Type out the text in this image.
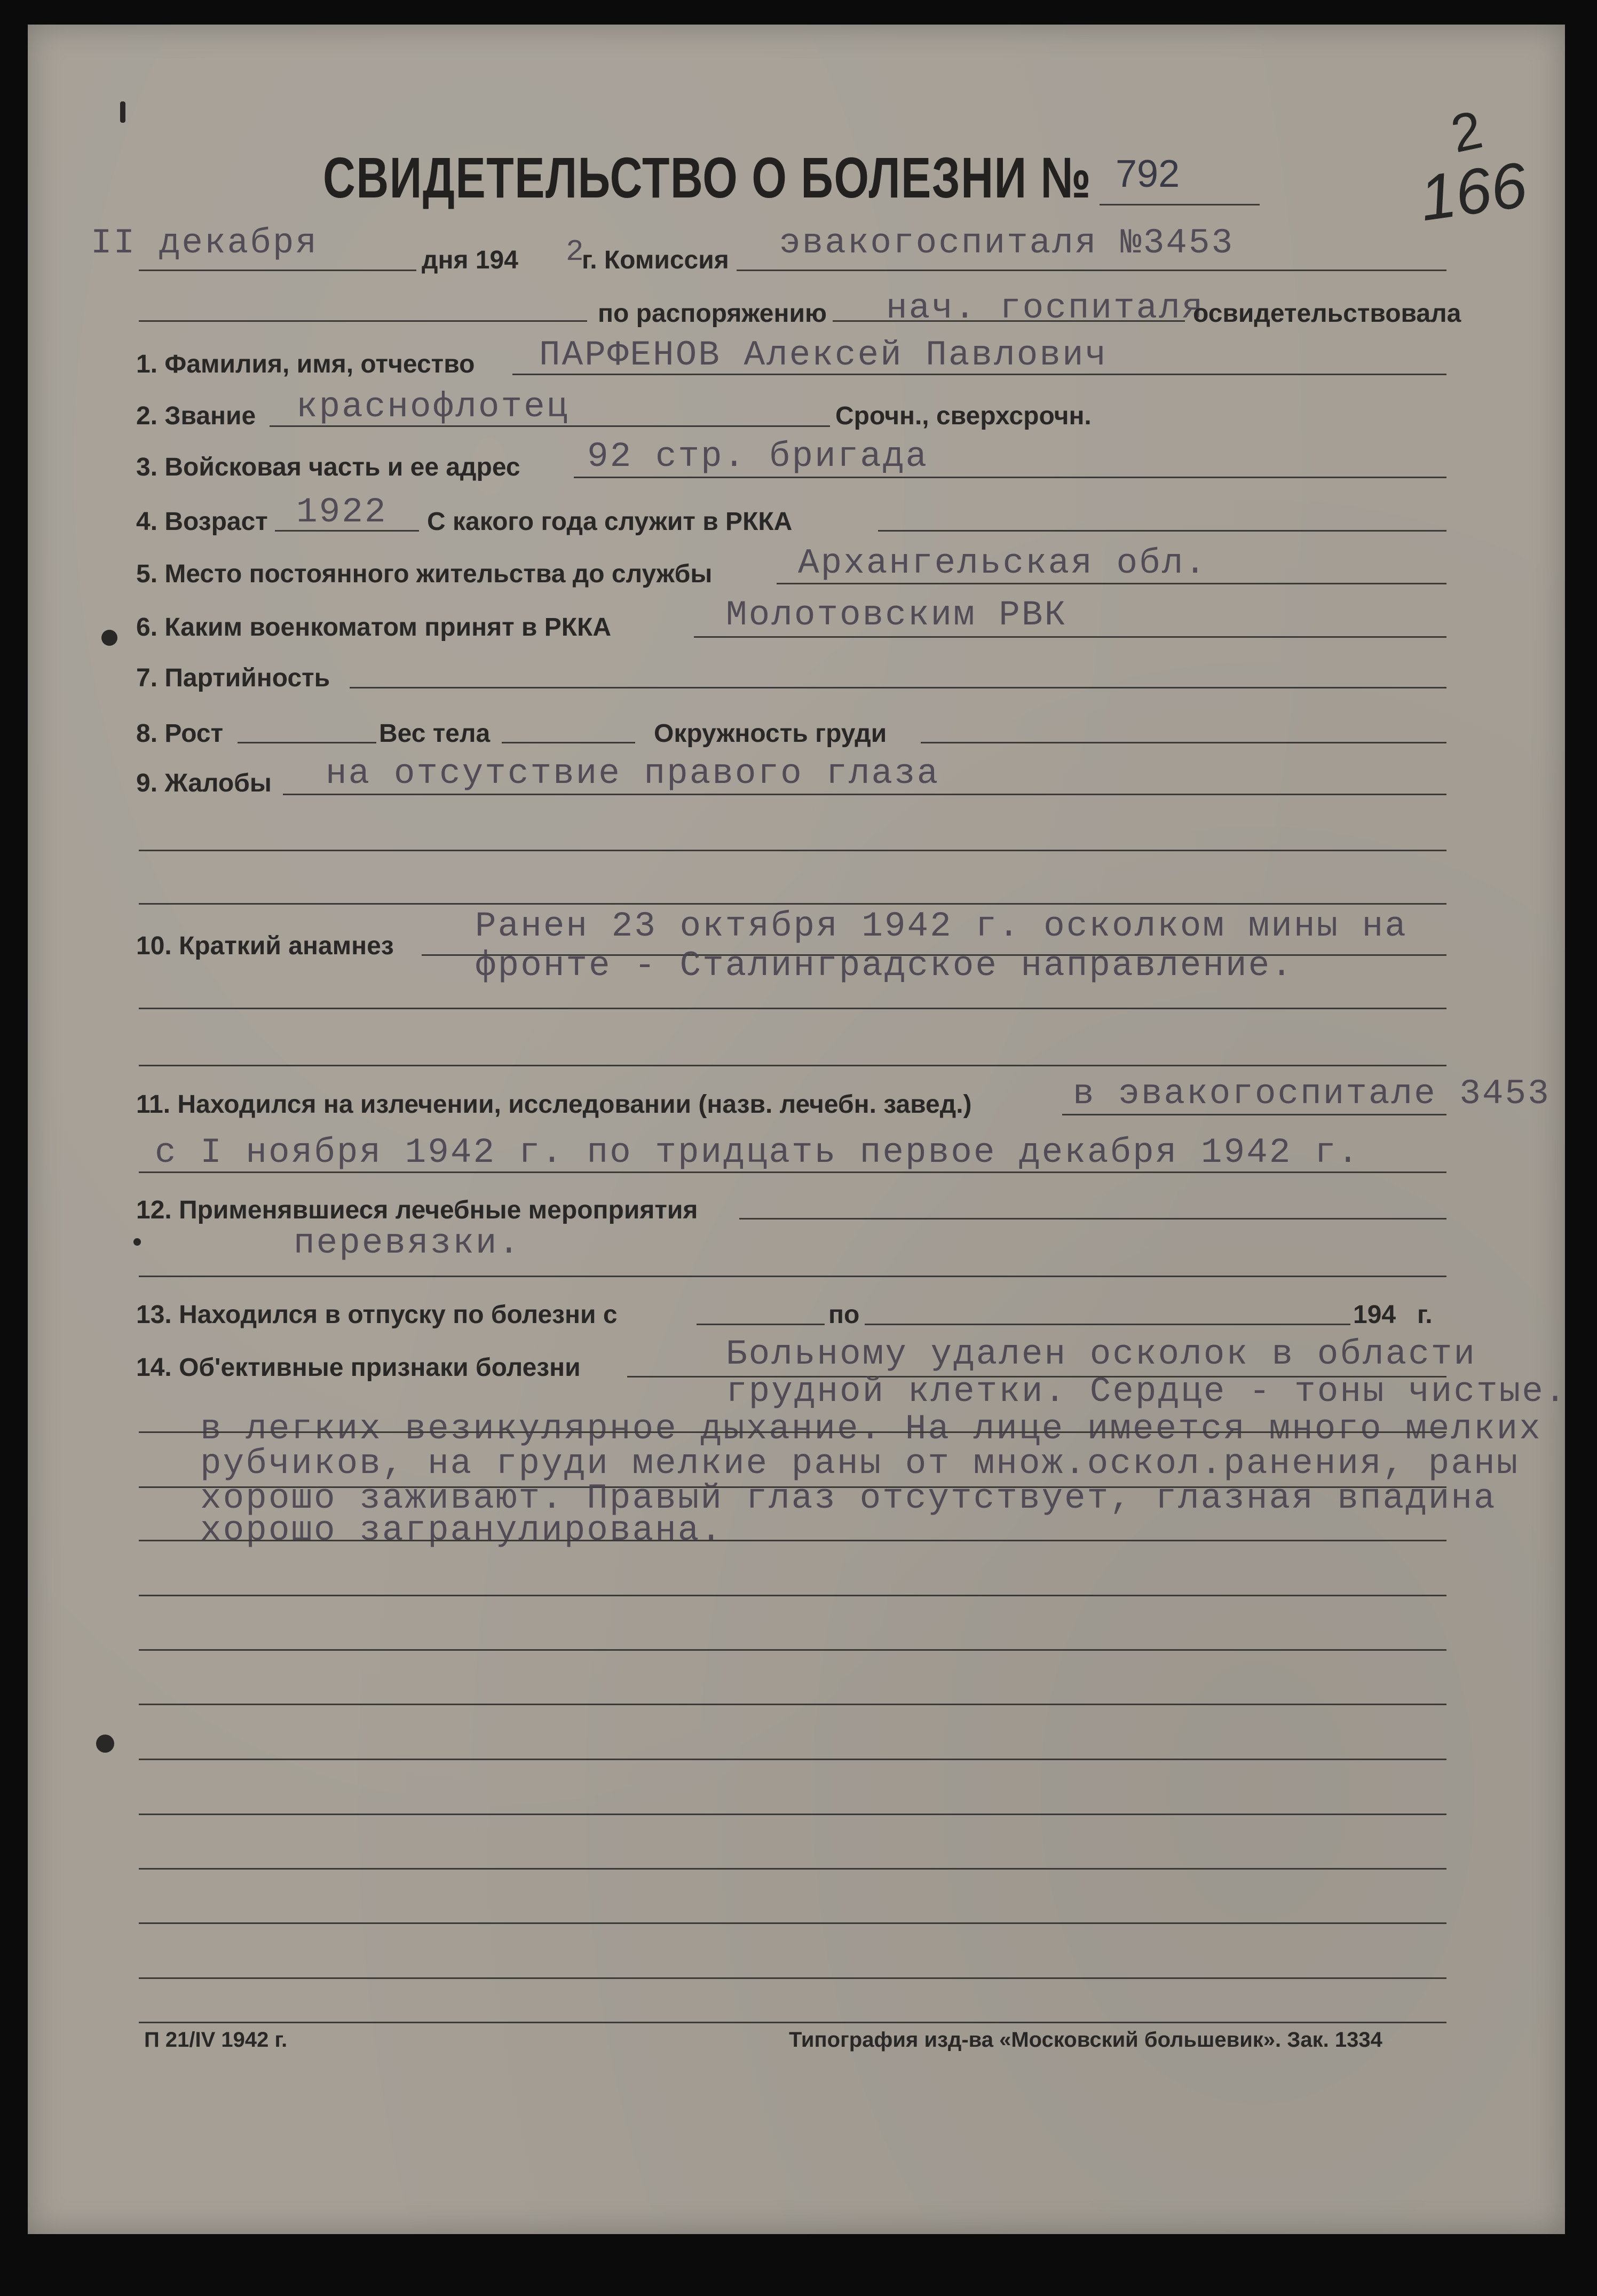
СВИДЕТЕЛЬСТВО О БОЛЕЗНИ № 792	166
2
II декабря	дня 194 2
г. Комиссия эвакогоспиталя №3453
по распоряжению нач. госпиталя
освидетельствовала
1. Фамилия, имя, отчество ПАРФЕНОВ Алексей Павлович
2. Звание краснофлотец	Срочн., сверхсрочн.
3. Войсковая часть и ее адрес 92 стр. бригада
4. Возраст 1922 С какого года служит в РККА
5. Место постоянного жительства до службы Архангельская обл.
6. Каким военкоматом принят в РККА	Молотовским РВК
7. Партийность
8. Рост	Вес тела	Окружность груди
9. Жалобы на отсутствие правого глаза
10. Краткий анамнез Ранен 23 октября 1942 г. осколком мины на
фронте - Сталинградское направление.
11. Находился на излечении, исследовании (назв. лечебн. завед.)	в эвакогоспитале 3453
с I ноября 1942 г. по тридцать первое декабря 1942 г.
12. Применявшиеся лечебные мероприятия
перевязки.
13. Находился в отпуску по болезни с	по	194 г.
14. Об'ективные признаки болезни	Больному удален осколок в области
грудной клетки. Сердце - тоны чистые.
в легких везикулярное дыхание. На лице имеется много мелких
рубчиков, на груди мелкие раны от множ.оскол.ранения, раны
хорошо заживают. Правый глаз отсутствует, глазная впадина
хорошо загранулирована.
П 21/IV 1942 г.	Типография изд-ва «Московский большевик». Зак. 1334
